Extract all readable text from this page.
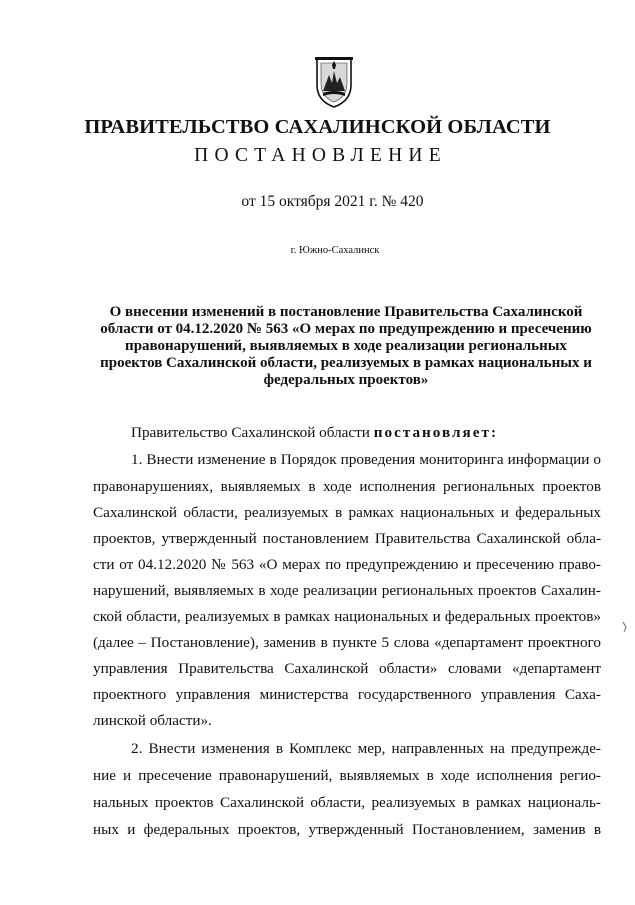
ПРАВИТЕЛЬСТВО САХАЛИНСКОЙ ОБЛАСТИ
ПОСТАНОВЛЕНИЕ
от 15 октября 2021 г. № 420
г. Южно-Сахалинск
О внесении изменений в постановление Правительства Сахалинской
области от 04.12.2020 № 563 «О мерах по предупреждению и пресечению
правонарушений, выявляемых в ходе реализации региональных
проектов Сахалинской области, реализуемых в рамках национальных и
федеральных проектов»
Правительство Сахалинской области постановляет:
1. Внести изменение в Порядок проведения мониторинга информации о
правонарушениях, выявляемых в ходе исполнения региональных проектов
Сахалинской области, реализуемых в рамках национальных и федеральных
проектов, утвержденный постановлением Правительства Сахалинской обла-
сти от 04.12.2020 № 563 «О мерах по предупреждению и пресечению право-
нарушений, выявляемых в ходе реализации региональных проектов Сахалин-
ской области, реализуемых в рамках национальных и федеральных проектов»
(далее – Постановление), заменив в пункте 5 слова «департамент проектного
управления Правительства Сахалинской области» словами «департамент
проектного управления министерства государственного управления Саха-
линской области».
2. Внести изменения в Комплекс мер, направленных на предупрежде-
ние и пресечение правонарушений, выявляемых в ходе исполнения регио-
нальных проектов Сахалинской области, реализуемых в рамках националь-
ных и федеральных проектов, утвержденный Постановлением, заменив в
